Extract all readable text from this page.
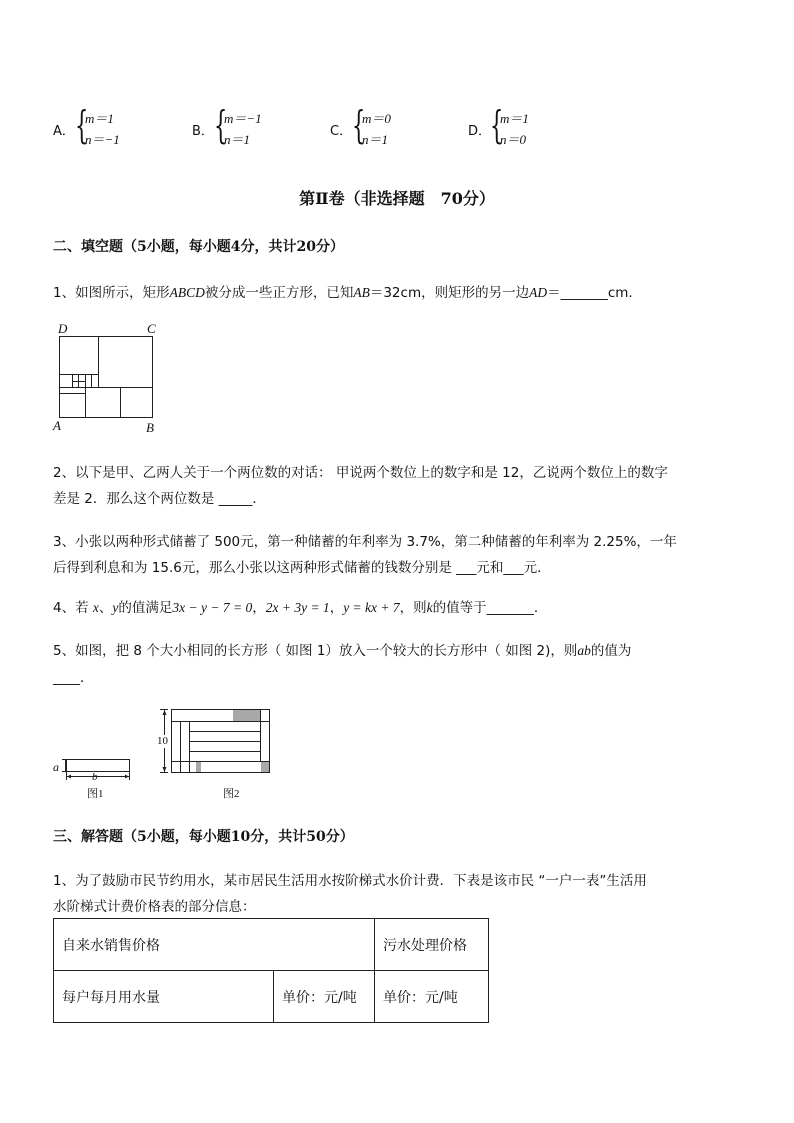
A． {
m＝1
n＝−1
B． {
m＝−1
n＝1
C． {
m＝0
n＝1
D．
{
m＝1
n＝0
第Ⅱ卷（非选择题　70分）
二、填空题（5小题，每小题4分，共计20分）
1、如图所示，矩形ABCD被分成一些正方形，已知AB＝32cm，则矩形的另一边AD＝_______cm．
D	C
A	B
2、以下是甲、乙两人关于一个两位数的对话： 甲说两个数位上的数字和是 12，乙说两个数位上的数字
差是 2．那么这个两位数是 _____．
3、小张以两种形式储蓄了 500元，第一种储蓄的年利率为 3.7%，第二种储蓄的年利率为 2.25%，一年
后得到利息和为 15.6元，那么小张以这两种形式储蓄的钱数分别是 ___元和___元．
4、若 x、y的值满足3x − y − 7 = 0，2x + 3y = 1，y = kx + 7，则k的值等于_______．
5、如图，把 8 个大小相同的长方形（ 如图 1）放入一个较大的长方形中（ 如图 2)，则ab的值为
____．
a
b
图1
10
图2
三、解答题（5小题，每小题10分，共计50分）
1、为了鼓励市民节约用水，某市居民生活用水按阶梯式水价计费．下表是该市民 “一户一表”生活用
水阶梯式计费价格表的部分信息：
自来水销售价格		污水处理价格
每户每月用水量	单价：元/吨	单价：元/吨
